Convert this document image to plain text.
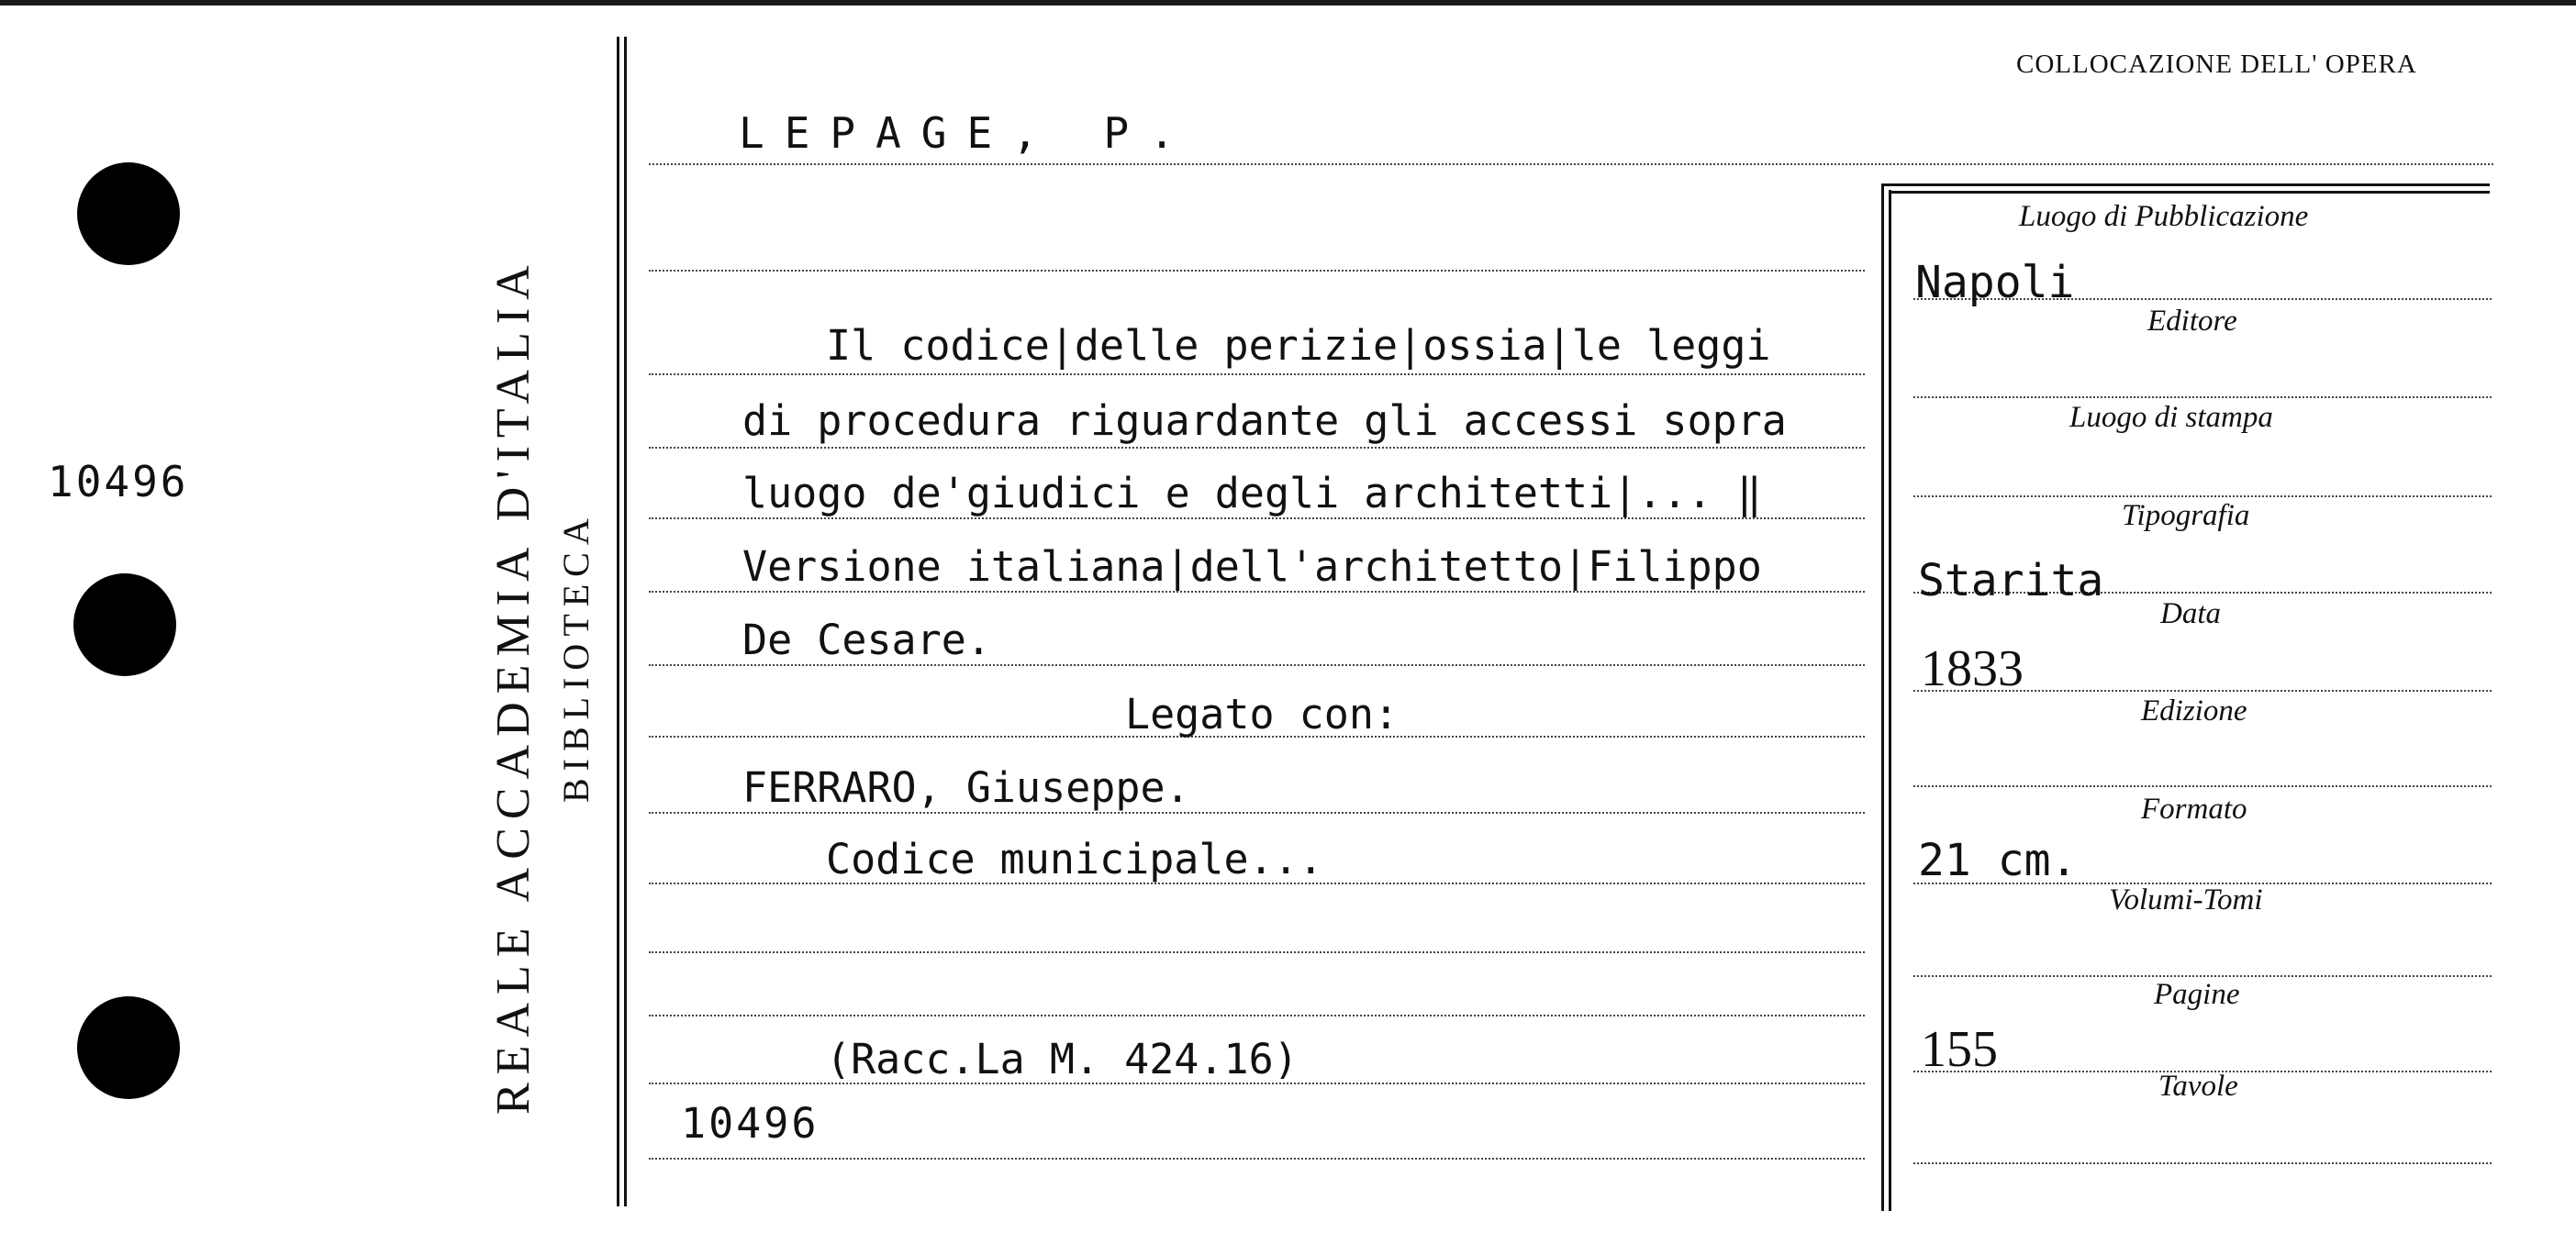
10496	REALE ACCADEMIA D'ITALIA BIBLIOTECA
COLLOCAZIONE DELL' OPERA
LEPAGE, P.
Il codice|delle perizie|ossia|le leggi
di procedura riguardante gli accessi sopra
luogo de'giudici e degli architetti|... ‖
Versione italiana|dell'architetto|Filippo
De Cesare.
Legato con:
FERRARO, Giuseppe.
Codice municipale...
(Racc.La M. 424.16)
10496
Luogo di Pubblicazione
Napoli
Editore
Luogo di stampa
Tipografia
Starita
Data
1833
Edizione
Formato
21 cm.
Volumi-Tomi
Pagine
155
Tavole
